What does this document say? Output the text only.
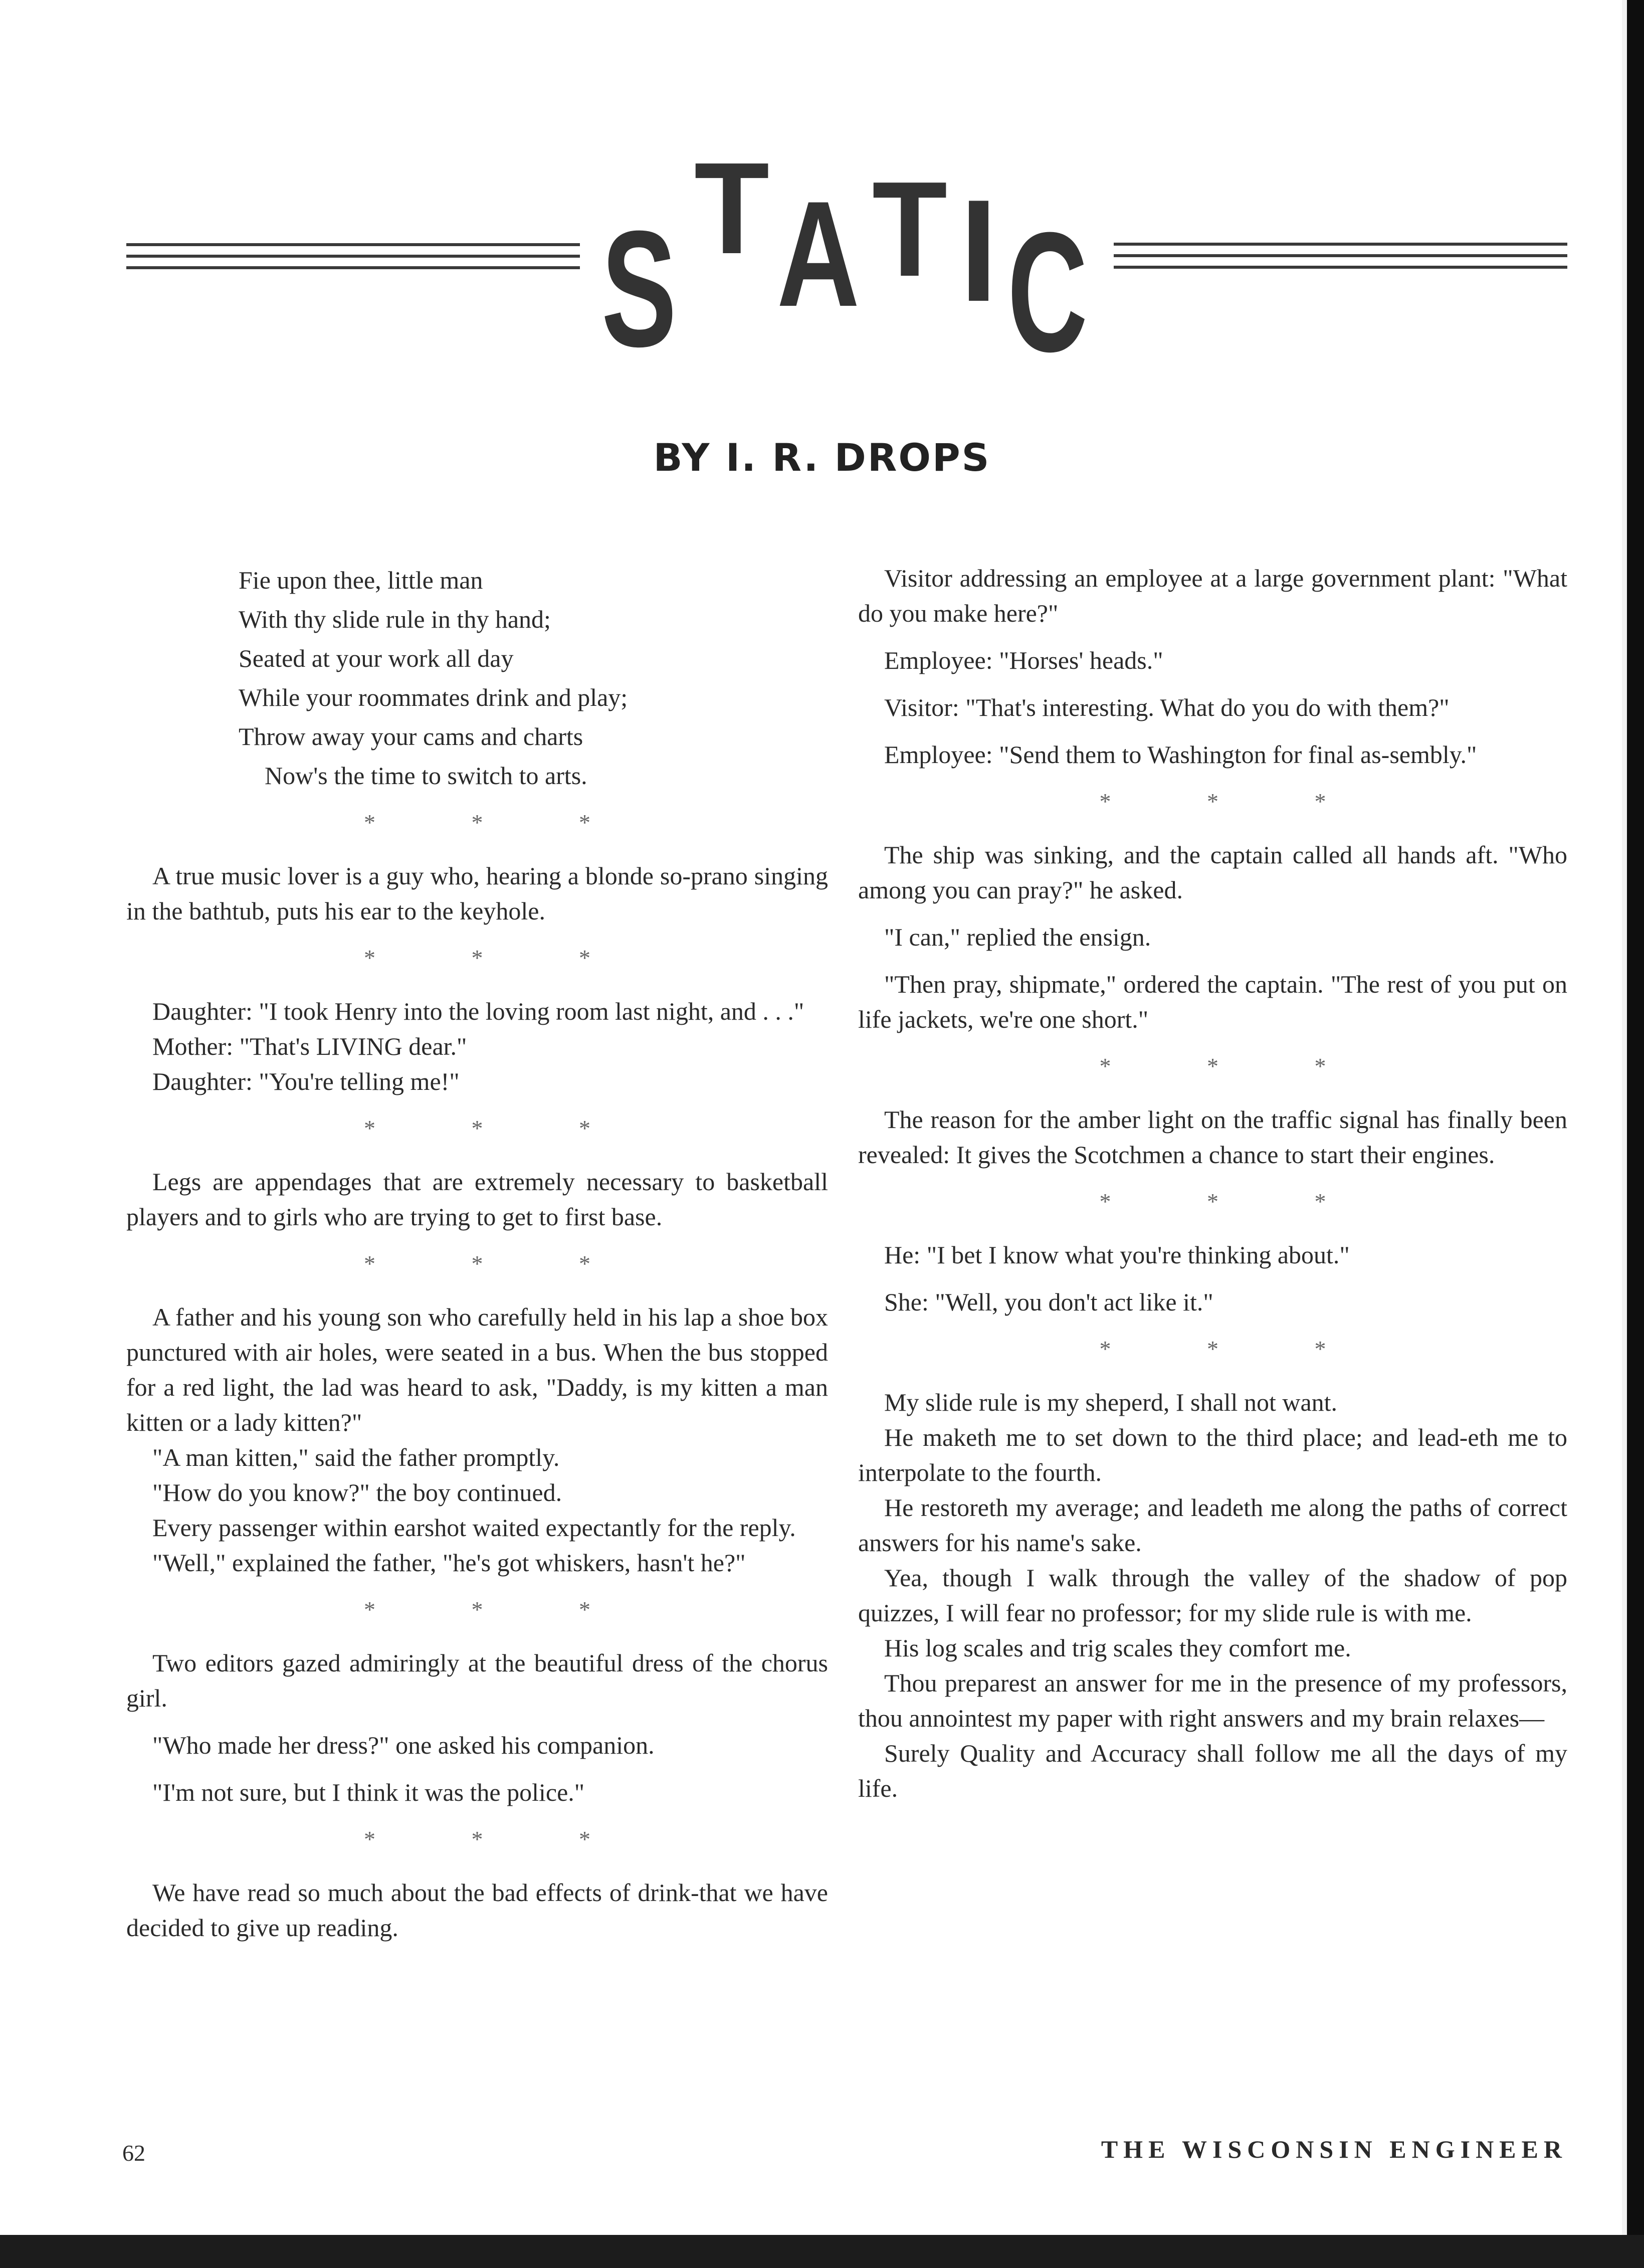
S T A T I C
BY I. R. DROPS
Fie upon thee, little man
With thy slide rule in thy hand;
Seated at your work all day
While your roommates drink and play;
Throw away your cams and charts
Now's the time to switch to arts.
* * *

A true music lover is a guy who, hearing a blonde so-prano singing in the bathtub, puts his ear to the keyhole.

* * *

Daughter: "I took Henry into the loving room last night, and . . ."

Mother: "That's LIVING dear."

Daughter: "You're telling me!"

* * *

Legs are appendages that are extremely necessary to basketball players and to girls who are trying to get to first base.

* * *

A father and his young son who carefully held in his lap a shoe box punctured with air holes, were seated in a bus. When the bus stopped for a red light, the lad was heard to ask, "Daddy, is my kitten a man kitten or a lady kitten?"

"A man kitten," said the father promptly.

"How do you know?" the boy continued.

Every passenger within earshot waited expectantly for the reply.

"Well," explained the father, "he's got whiskers, hasn't he?"

* * *

Two editors gazed admiringly at the beautiful dress of the chorus girl.

"Who made her dress?" one asked his companion.

"I'm not sure, but I think it was the police."

* * *

We have read so much about the bad effects of drink-that we have decided to give up reading.

Visitor addressing an employee at a large government plant: "What do you make here?"

Employee: "Horses' heads."

Visitor: "That's interesting. What do you do with them?"

Employee: "Send them to Washington for final as-sembly."

* * *

The ship was sinking, and the captain called all hands aft. "Who among you can pray?" he asked.

"I can," replied the ensign.

"Then pray, shipmate," ordered the captain. "The rest of you put on life jackets, we're one short."

* * *

The reason for the amber light on the traffic signal has finally been revealed: It gives the Scotchmen a chance to start their engines.

* * *

He: "I bet I know what you're thinking about."

She: "Well, you don't act like it."

* * *

My slide rule is my sheperd, I shall not want.

He maketh me to set down to the third place; and lead-eth me to interpolate to the fourth.

He restoreth my average; and leadeth me along the paths of correct answers for his name's sake.

Yea, though I walk through the valley of the shadow of pop quizzes, I will fear no professor; for my slide rule is with me.

His log scales and trig scales they comfort me.

Thou preparest an answer for me in the presence of my professors, thou annointest my paper with right answers and my brain relaxes—

Surely Quality and Accuracy shall follow me all the days of my life.

62	THE WISCONSIN ENGINEER
